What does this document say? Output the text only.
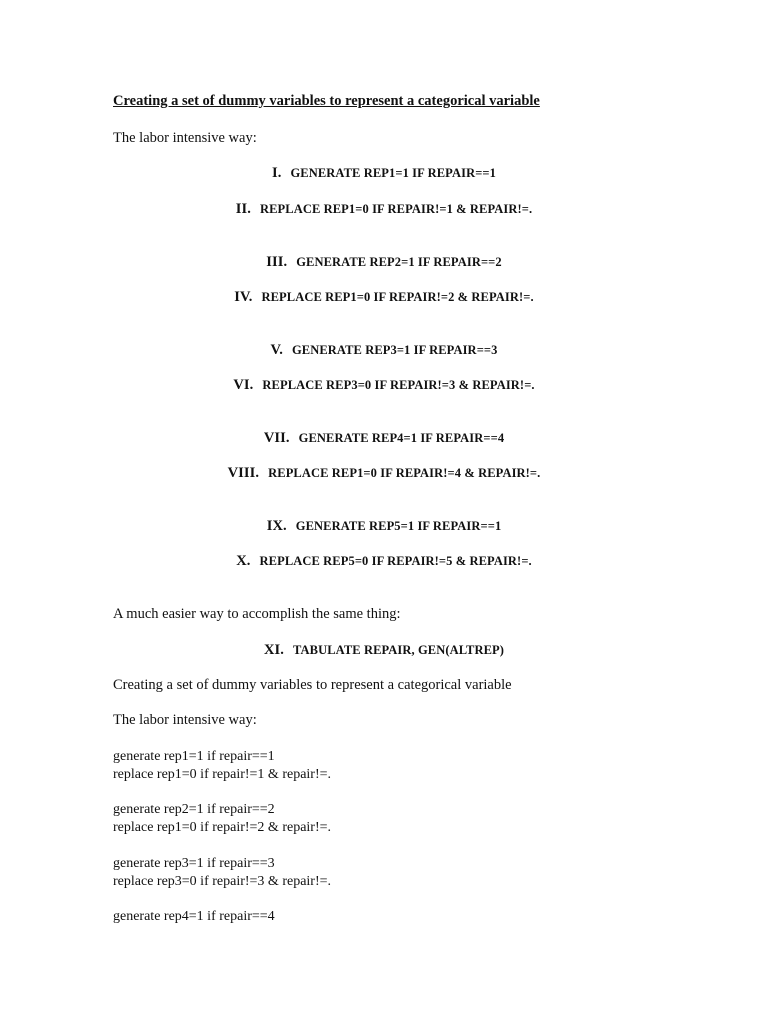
Creating a set of dummy variables to represent a categorical variable
The labor intensive way:
I. GENERATE REP1=1 IF REPAIR==1
II. REPLACE REP1=0 IF REPAIR!=1 & REPAIR!=.
III. GENERATE REP2=1 IF REPAIR==2
IV. REPLACE REP1=0 IF REPAIR!=2 & REPAIR!=.
V. GENERATE REP3=1 IF REPAIR==3
VI. REPLACE REP3=0 IF REPAIR!=3 & REPAIR!=.
VII. GENERATE REP4=1 IF REPAIR==4
VIII. REPLACE REP1=0 IF REPAIR!=4 & REPAIR!=.
IX. GENERATE REP5=1 IF REPAIR==1
X. REPLACE REP5=0 IF REPAIR!=5 & REPAIR!=.
A much easier way to accomplish the same thing:
XI. TABULATE REPAIR, GEN(ALTREP)
Creating a set of dummy variables to represent a categorical variable
The labor intensive way:
generate rep1=1 if repair==1
replace rep1=0 if repair!=1 & repair!=.
generate rep2=1 if repair==2
replace rep1=0 if repair!=2 & repair!=.
generate rep3=1 if repair==3
replace rep3=0 if repair!=3 & repair!=.
generate rep4=1 if repair==4
